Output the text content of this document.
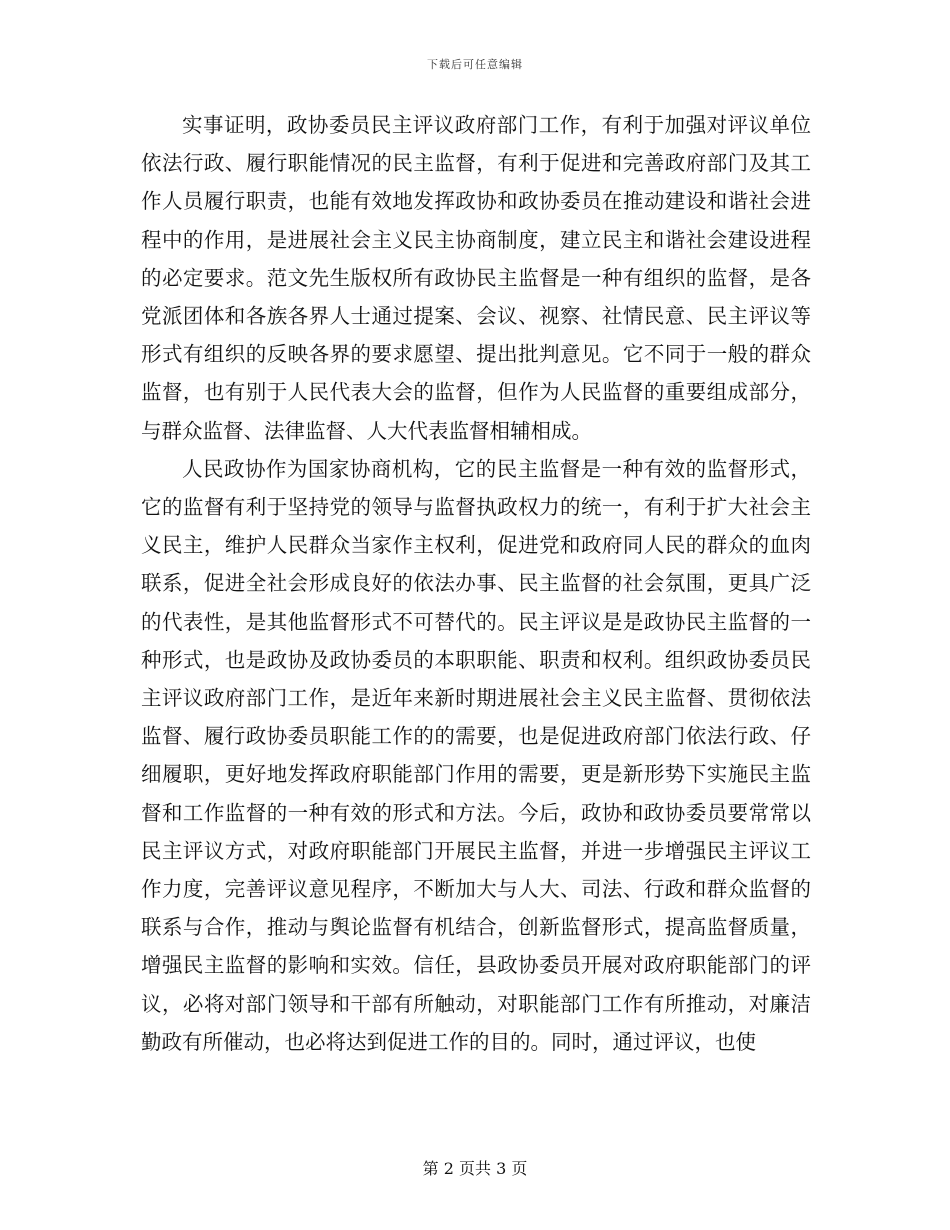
下载后可任意编辑

实事证明，政协委员民主评议政府部门工作，有利于加强对评议单位依法行政、履行职能情况的民主监督，有利于促进和完善政府部门及其工作人员履行职责，也能有效地发挥政协和政协委员在推动建设和谐社会进程中的作用，是进展社会主义民主协商制度，建立民主和谐社会建设进程的必定要求。范文先生版权所有政协民主监督是一种有组织的监督，是各党派团体和各族各界人士通过提案、会议、视察、社情民意、民主评议等形式有组织的反映各界的要求愿望、提出批判意见。它不同于一般的群众监督，也有别于人民代表大会的监督，但作为人民监督的重要组成部分，与群众监督、法律监督、人大代表监督相辅相成。

人民政协作为国家协商机构，它的民主监督是一种有效的监督形式，它的监督有利于坚持党的领导与监督执政权力的统一，有利于扩大社会主义民主，维护人民群众当家作主权利，促进党和政府同人民的群众的血肉联系，促进全社会形成良好的依法办事、民主监督的社会氛围，更具广泛的代表性，是其他监督形式不可替代的。民主评议是是政协民主监督的一种形式，也是政协及政协委员的本职职能、职责和权利。组织政协委员民主评议政府部门工作，是近年来新时期进展社会主义民主监督、贯彻依法监督、履行政协委员职能工作的的需要，也是促进政府部门依法行政、仔细履职，更好地发挥政府职能部门作用的需要，更是新形势下实施民主监督和工作监督的一种有效的形式和方法。今后，政协和政协委员要常常以民主评议方式，对政府职能部门开展民主监督，并进一步增强民主评议工作力度，完善评议意见程序，不断加大与人大、司法、行政和群众监督的联系与合作，推动与舆论监督有机结合，创新监督形式，提高监督质量，增强民主监督的影响和实效。信任，县政协委员开展对政府职能部门的评议，必将对部门领导和干部有所触动，对职能部门工作有所推动，对廉洁勤政有所催动，也必将达到促进工作的目的。同时，通过评议，也使

第 2 页共 3 页
